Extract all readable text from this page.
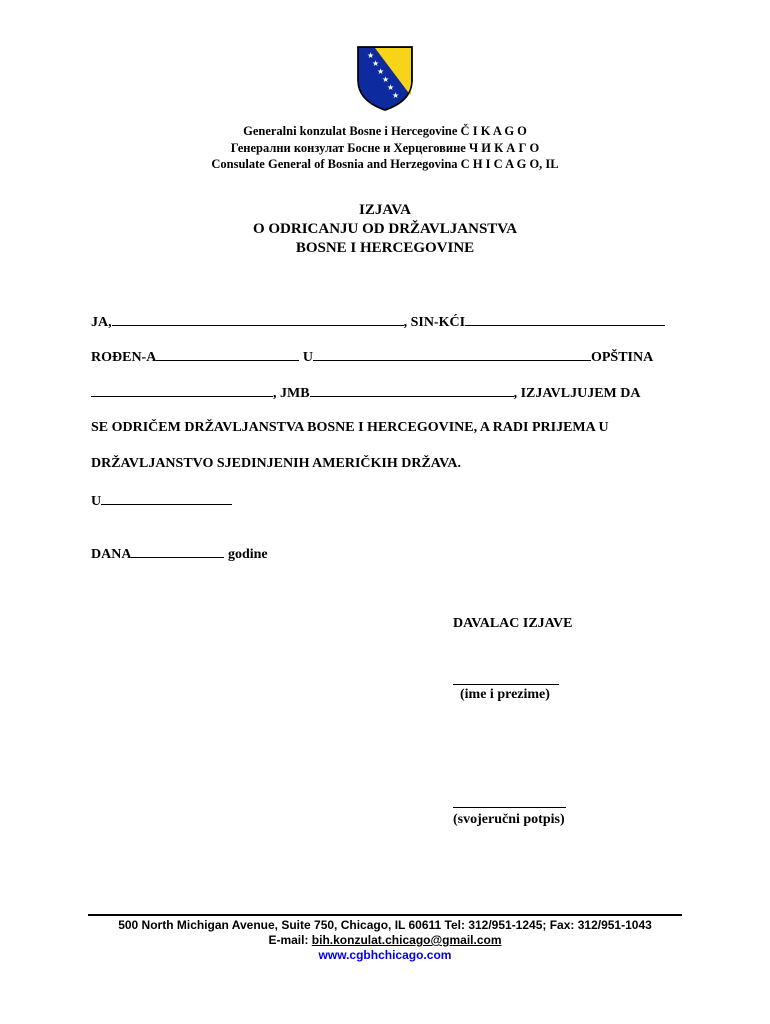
★
★
★
★
★
★
Generalni konzulat Bosne i Hercegovine Č I K A G O
Генерални конзулат Босне и Херцеговине Ч И К А Г О
Consulate General of Bosnia and Herzegovina C H I C A G O, IL
IZJAVA
O ODRICANJU OD DRŽAVLJANSTVA
BOSNE I HERCEGOVINE
JA,	, SIN-KĆI
ROĐEN-A	U	OPŠTINA
, JMB	, IZJAVLJUJEM DA
SE ODRIČEM DRŽAVLJANSTVA BOSNE I HERCEGOVINE, A RADI PRIJEMA U
DRŽAVLJANSTVO SJEDINJENIH AMERIČKIH DRŽAVA.
U
DANA	godine
DAVALAC IZJAVE
(ime i prezime)
(svojeručni potpis)
500 North Michigan Avenue, Suite 750, Chicago, IL 60611 Tel: 312/951-1245; Fax: 312/951-1043
E-mail: bih.konzulat.chicago@gmail.com
www.cgbhchicago.com
